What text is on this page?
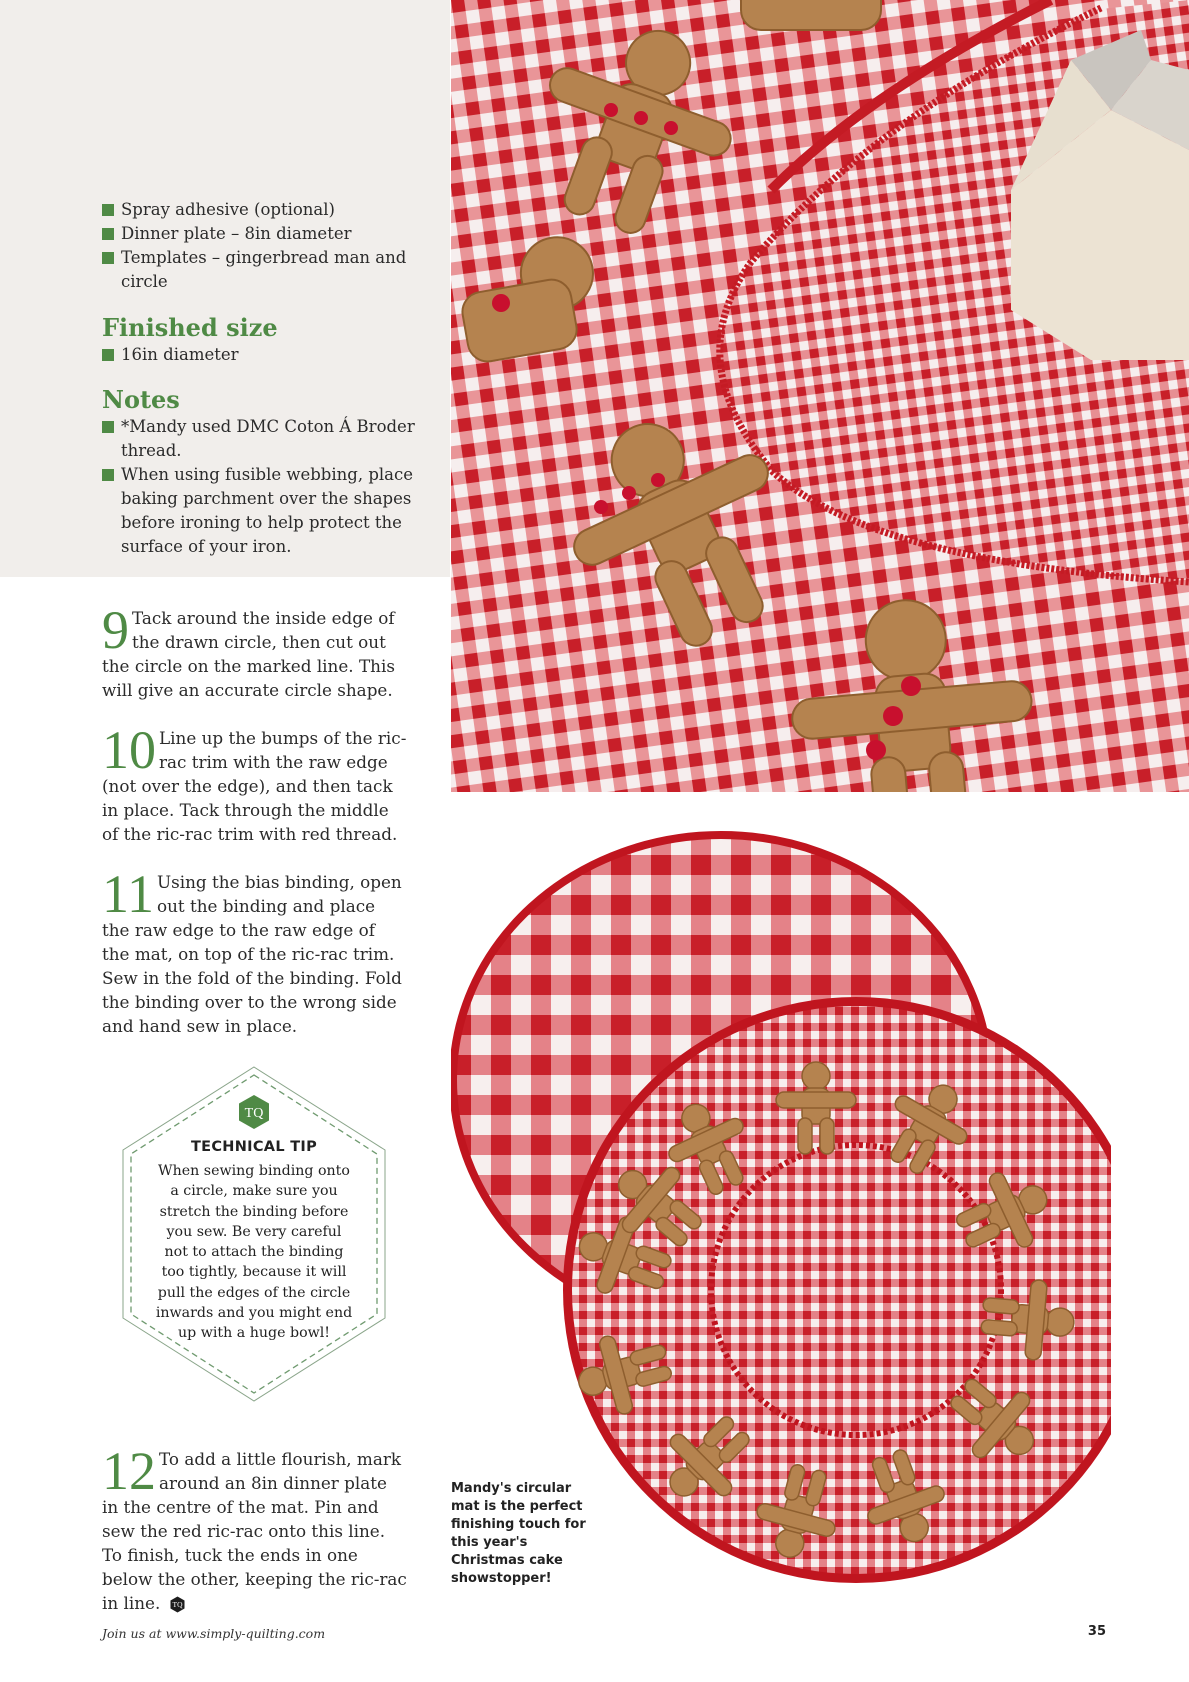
Spray adhesive (optional)
Dinner plate – 8in diameter
Templates – gingerbread man and circle
Finished size
16in diameter
Notes
*Mandy used DMC Coton Á Broder thread.
When using fusible webbing, place baking parchment over the shapes before ironing to help protect the surface of your iron.
9 Tack around the inside edge of the drawn circle, then cut out the circle on the marked line. This will give an accurate circle shape.
10 Line up the bumps of the ric-rac trim with the raw edge (not over the edge), and then tack in place. Tack through the middle of the ric-rac trim with red thread.
11 Using the bias binding, open out the binding and place the raw edge to the raw edge of the mat, on top of the ric-rac trim. Sew in the fold of the binding. Fold the binding over to the wrong side and hand sew in place.
12 To add a little flourish, mark around an 8in dinner plate in the centre of the mat. Pin and sew the red ric-rac onto this line. To finish, tuck the ends in one below the other, keeping the ric-rac in line. TQ
TQ
TECHNICAL TIP
When sewing binding onto a circle, make sure you stretch the binding before you sew. Be very careful not to attach the binding too tightly, because it will pull the edges of the circle inwards and you might end up with a huge bowl!
Mandy's circular mat is the perfect finishing touch for this year's Christmas cake showstopper!
Join us at www.simply-quilting.com	35
